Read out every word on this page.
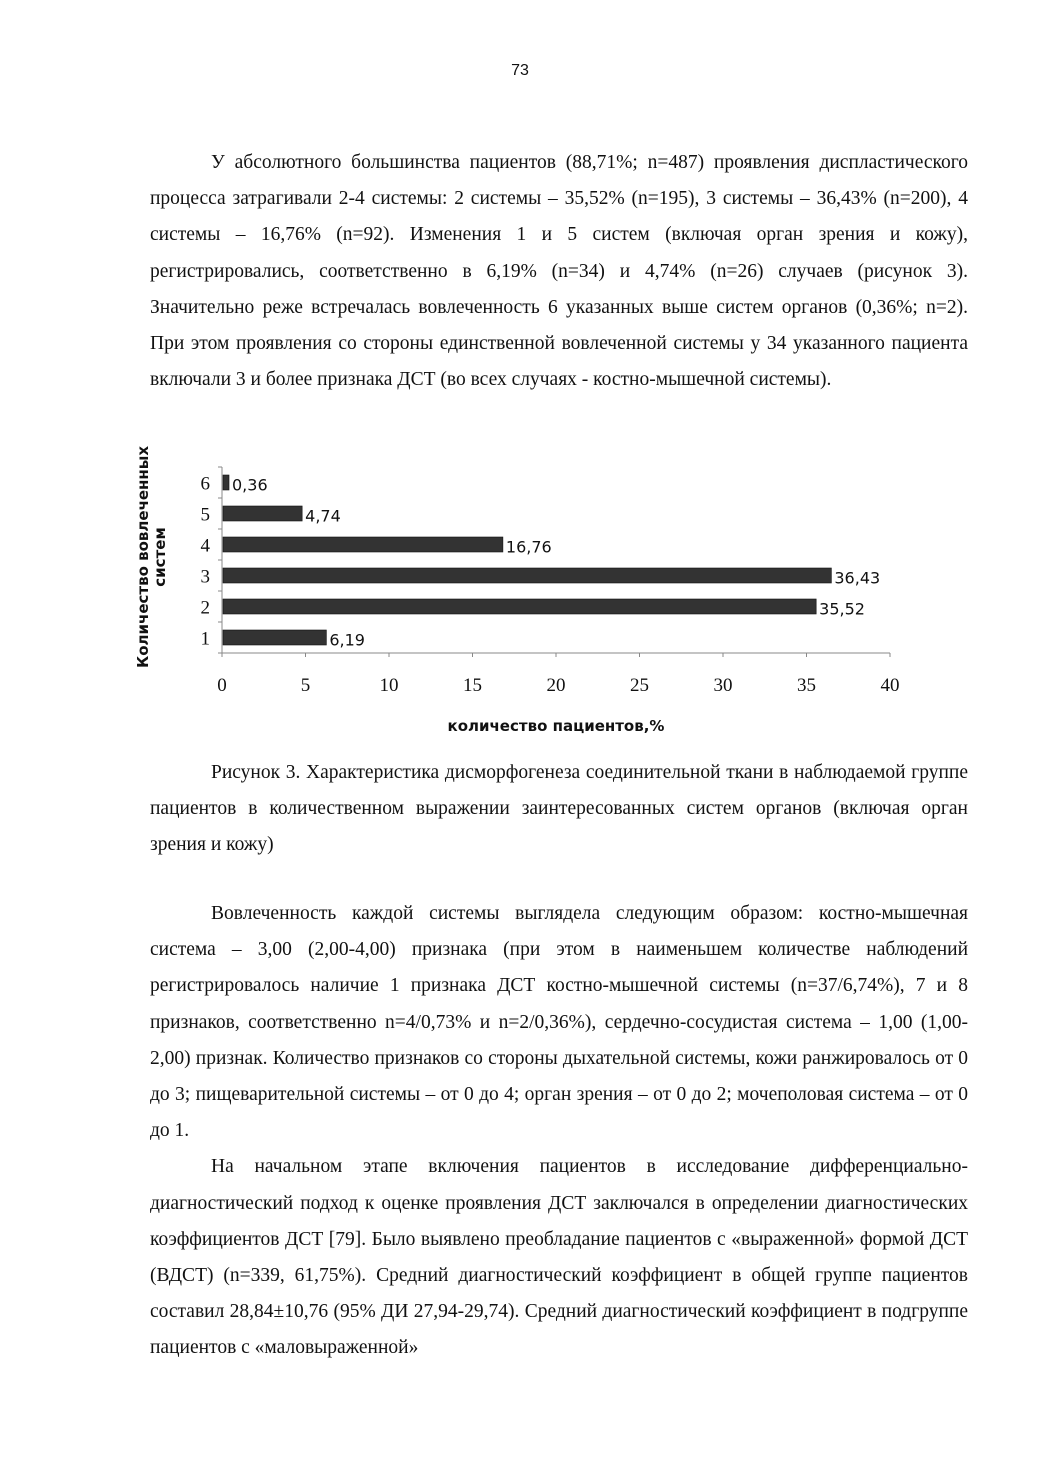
73

У абсолютного большинства пациентов (88,71%; n=487) проявления диспластического процесса затрагивали 2-4 системы: 2 системы – 35,52% (n=195), 3 системы – 36,43% (n=200), 4 системы – 16,76% (n=92). Изменения 1 и 5 систем (включая орган зрения и кожу), регистрировались, соответственно в 6,19% (n=34) и 4,74% (n=26) случаев (рисунок 3). Значительно реже встречалась вовлеченность 6 указанных выше систем органов (0,36%; n=2). При этом проявления со стороны единственной вовлеченной системы у 34 указанного пациента включали 3 и более признака ДСТ (во всех случаях - костно-мышечной системы).

0	5	10	15	20	25	30	35	40
1	6,19
2	35,52
3	36,43
4	16,76
5	4,74
6 0,36
количество пациентов,%
Количество вовлеченных систем

Рисунок 3. Характеристика дисморфогенеза соединительной ткани в наблюдаемой группе пациентов в количественном выражении заинтересованных систем органов (включая орган зрения и кожу)

Вовлеченность каждой системы выглядела следующим образом: костно-мышечная система – 3,00 (2,00-4,00) признака (при этом в наименьшем количестве наблюдений регистрировалось наличие 1 признака ДСТ костно-мышечной системы (n=37/6,74%), 7 и 8 признаков, соответственно n=4/0,73% и n=2/0,36%), сердечно-сосудистая система – 1,00 (1,00-2,00) признак. Количество признаков со стороны дыхательной системы, кожи ранжировалось от 0 до 3; пищеварительной системы – от 0 до 4; орган зрения – от 0 до 2; мочеполовая система – от 0 до 1.

На начальном этапе включения пациентов в исследование дифференциально-диагностический подход к оценке проявления ДСТ заключался в определении диагностических коэффициентов ДСТ [79]. Было выявлено преобладание пациентов с «выраженной» формой ДСТ (ВДСТ) (n=339, 61,75%). Средний диагностический коэффициент в общей группе пациентов составил 28,84±10,76 (95% ДИ 27,94-29,74). Средний диагностический коэффициент в подгруппе пациентов с «маловыраженной»
